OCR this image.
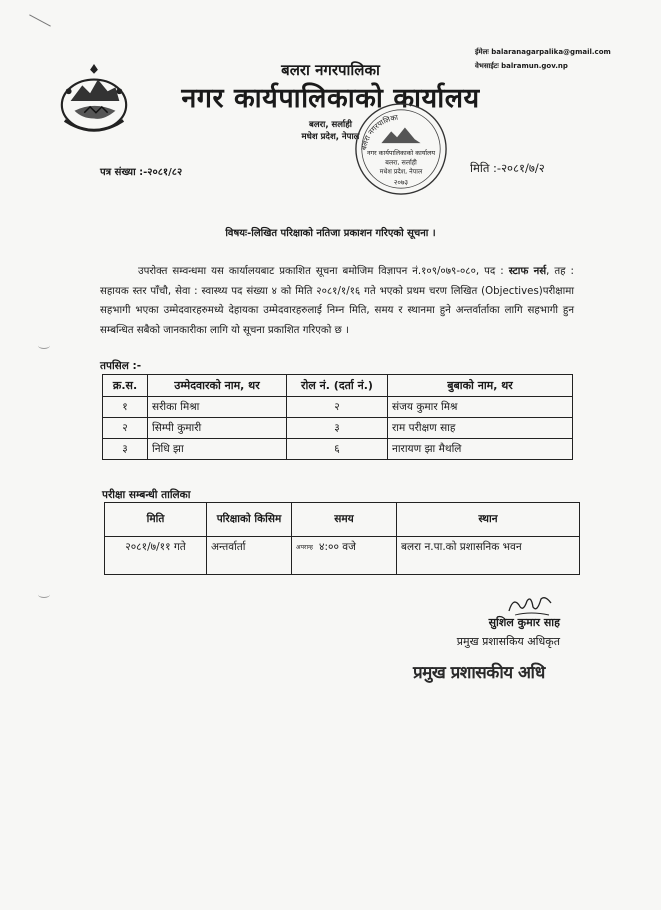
ईमेलः balaranagarpalika@gmail.com
वेभसाईटः balramun.gov.np
बलरा नगरपालिका
नगर कार्यपालिकाको कार्यालय
बलरा, सर्लाही
मधेश प्रदेश, नेपाल
बलरा नगरपालिका
नगर कार्यपालिकाको कार्यालय
बलरा, सर्लाही
मधेश प्रदेश, नेपाल
२०७३
पत्र संख्या :-२०८१/८२	मिति :-२०८१/७/२
विषयः-लिखित परिक्षाको नतिजा प्रकाशन गरिएको सूचना ।

उपरोक्त सम्वन्धमा यस कार्यालयबाट प्रकाशित सूचना बमोजिम विज्ञापन नं.१०९/०७९-०८०, पद : स्टाफ नर्स, तह : सहायक स्तर पाँचौ, सेवा : स्वास्थ्य पद संख्या ४ को मिति २०८१/१/१६ गते भएको प्रथम चरण लिखित (Objectives)परीक्षामा सहभागी भएका उम्मेदवारहरुमध्ये देहायका उम्मेदवारहरुलाई निम्न मिति, समय र स्थानमा हुने अन्तर्वार्ताका लागि सहभागी हुन सम्बन्धित सबैको जानकारीका लागि यो सूचना प्रकाशित गरिएको छ ।

तपसिल :-
क्र.स.	उम्मेदवारको नाम, थर	रोल नं. (दर्ता नं.)	बुबाको नाम, थर
१	सरीका मिश्रा	२	संजय कुमार मिश्र
२	सिम्पी कुमारी	३	राम परीक्षण साह
३	निधि झा	६	नारायण झा मैथलि
परीक्षा सम्बन्धी तालिका
मिति	परिक्षाको किसिम	समय	स्थान
२०८१/७/११ गते	अन्तर्वार्ता	अपरान्ह ४:०० वजे	बलरा न.पा.को प्रशासनिक भवन
सुशिल कुमार साह
प्रमुख प्रशासकिय अधिकृत
प्रमुख प्रशासकीय अधि
